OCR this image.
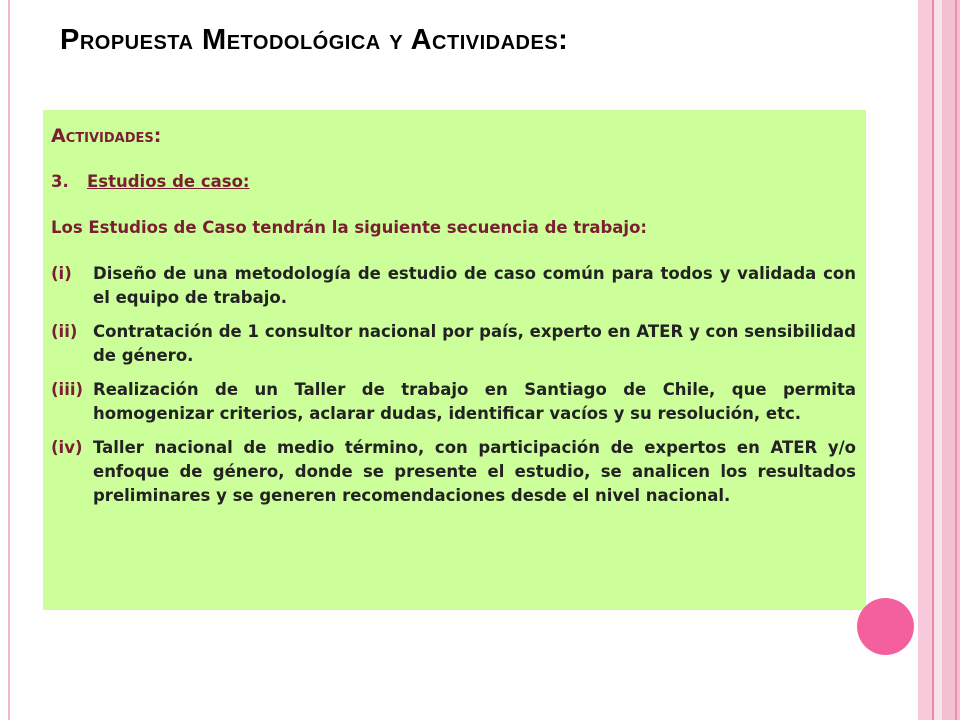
Propuesta Metodológica y Actividades:
Actividades:
3. Estudios de caso:
Los Estudios de Caso tendrán la siguiente secuencia de trabajo:
(i)	Diseño de una metodología de estudio de caso común para todos y validada con el equipo de trabajo.
(ii) Contratación de 1 consultor nacional por país, experto en ATER y con sensibilidad de género.
(iii) Realización de un Taller de trabajo en Santiago de Chile, que permita homogenizar criterios, aclarar dudas, identificar vacíos y su resolución, etc.
(iv) Taller nacional de medio término, con participación de expertos en ATER y/o enfoque de género, donde se presente el estudio, se analicen los resultados preliminares y se generen recomendaciones desde el nivel nacional.
